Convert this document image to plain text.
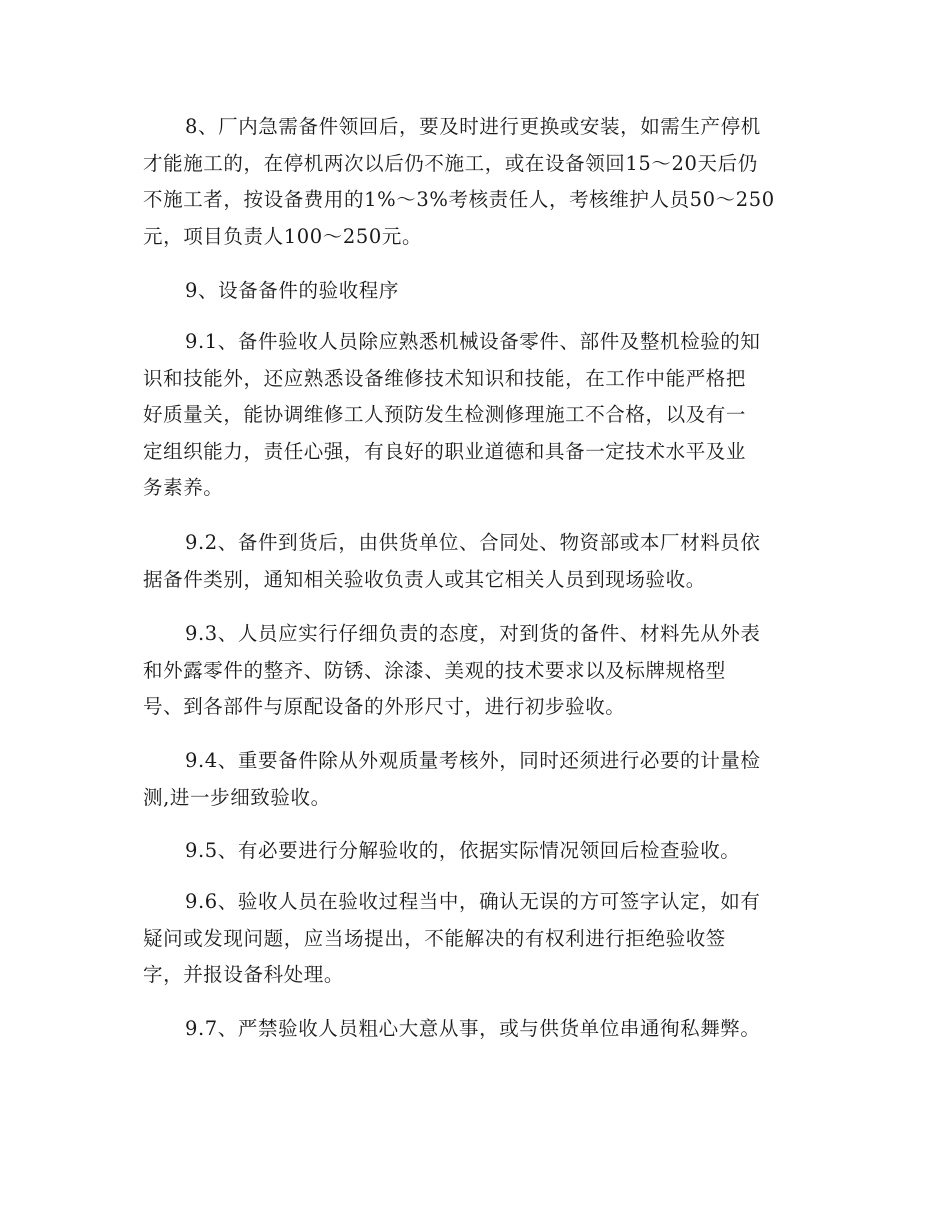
8、厂内急需备件领回后，要及时进行更换或安装，如需生产停机
才能施工的，在停机两次以后仍不施工，或在设备领回15～20天后仍
不施工者，按设备费用的1%～3%考核责任人，考核维护人员50～250
元，项目负责人100～250元。

9、设备备件的验收程序

9.1、备件验收人员除应熟悉机械设备零件、部件及整机检验的知
识和技能外，还应熟悉设备维修技术知识和技能，在工作中能严格把
好质量关，能协调维修工人预防发生检测修理施工不合格，以及有一
定组织能力，责任心强，有良好的职业道德和具备一定技术水平及业
务素养。

9.2、备件到货后，由供货单位、合同处、物资部或本厂材料员依
据备件类别，通知相关验收负责人或其它相关人员到现场验收。

9.3、人员应实行仔细负责的态度，对到货的备件、材料先从外表
和外露零件的整齐、防锈、涂漆、美观的技术要求以及标牌规格型
号、到各部件与原配设备的外形尺寸，进行初步验收。

9.4、重要备件除从外观质量考核外，同时还须进行必要的计量检
测,进一步细致验收。

9.5、有必要进行分解验收的，依据实际情况领回后检查验收。

9.6、验收人员在验收过程当中，确认无误的方可签字认定，如有
疑问或发现问题，应当场提出，不能解决的有权利进行拒绝验收签
字，并报设备科处理。

9.7、严禁验收人员粗心大意从事，或与供货单位串通徇私舞弊。
